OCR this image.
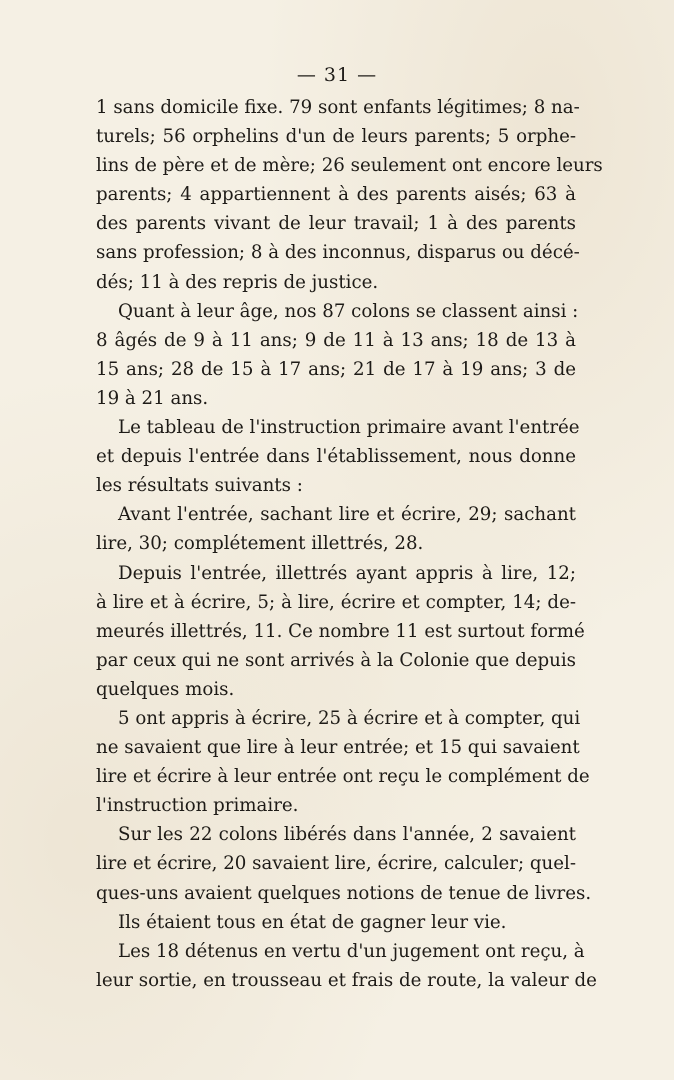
— 31 —
1 sans domicile fixe. 79 sont enfants légitimes; 8 na-
turels; 56 orphelins d'un de leurs parents; 5 orphe-
lins de père et de mère; 26 seulement ont encore leurs
parents; 4 appartiennent à des parents aisés; 63 à
des parents vivant de leur travail; 1 à des parents
sans profession; 8 à des inconnus, disparus ou décé-
dés; 11 à des repris de justice.
Quant à leur âge, nos 87 colons se classent ainsi :
8 âgés de 9 à 11 ans; 9 de 11 à 13 ans; 18 de 13 à
15 ans; 28 de 15 à 17 ans; 21 de 17 à 19 ans; 3 de
19 à 21 ans.
Le tableau de l'instruction primaire avant l'entrée
et depuis l'entrée dans l'établissement, nous donne
les résultats suivants :
Avant l'entrée, sachant lire et écrire, 29; sachant
lire, 30; complétement illettrés, 28.
Depuis l'entrée, illettrés ayant appris à lire, 12;
à lire et à écrire, 5; à lire, écrire et compter, 14; de-
meurés illettrés, 11. Ce nombre 11 est surtout formé
par ceux qui ne sont arrivés à la Colonie que depuis
quelques mois.
5 ont appris à écrire, 25 à écrire et à compter, qui
ne savaient que lire à leur entrée; et 15 qui savaient
lire et écrire à leur entrée ont reçu le complément de
l'instruction primaire.
Sur les 22 colons libérés dans l'année, 2 savaient
lire et écrire, 20 savaient lire, écrire, calculer; quel-
ques-uns avaient quelques notions de tenue de livres.
Ils étaient tous en état de gagner leur vie.
Les 18 détenus en vertu d'un jugement ont reçu, à
leur sortie, en trousseau et frais de route, la valeur de
